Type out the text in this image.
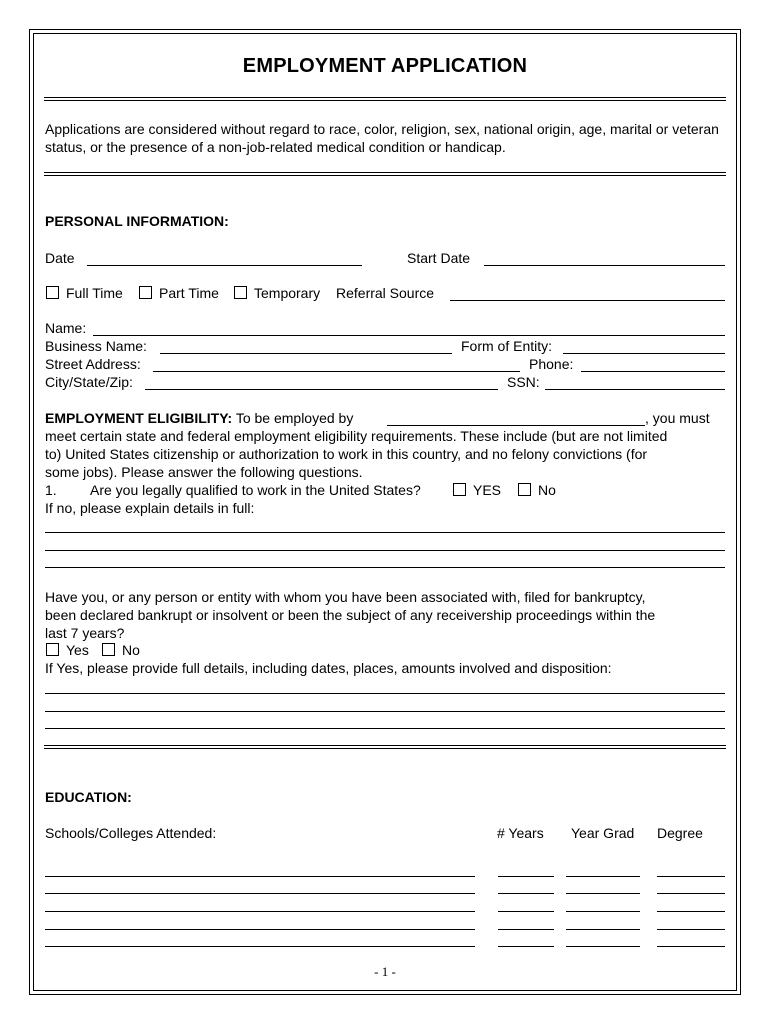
EMPLOYMENT APPLICATION
Applications are considered without regard to race, color, religion, sex, national origin, age, marital or veteran status, or the presence of a non-job-related medical condition or handicap.
PERSONAL INFORMATION:
Date	Start Date
Full Time	Part Time	Temporary Referral Source
Name:
Business Name:	Form of Entity:
Street Address:	Phone:
City/State/Zip:	SSN:
EMPLOYMENT ELIGIBILITY: To be employed by	, you must
meet certain state and federal employment eligibility requirements. These include (but are not limited
to) United States citizenship or authorization to work in this country, and no felony convictions (for
some jobs). Please answer the following questions.
1. Are you legally qualified to work in the United States?	YES	No
If no, please explain details in full:
Have you, or any person or entity with whom you have been associated with, filed for bankruptcy,
been declared bankrupt or insolvent or been the subject of any receivership proceedings within the
last 7 years?
Yes No
If Yes, please provide full details, including dates, places, amounts involved and disposition:
EDUCATION:
Schools/Colleges Attended:	# Years Year Grad Degree
- 1 -
